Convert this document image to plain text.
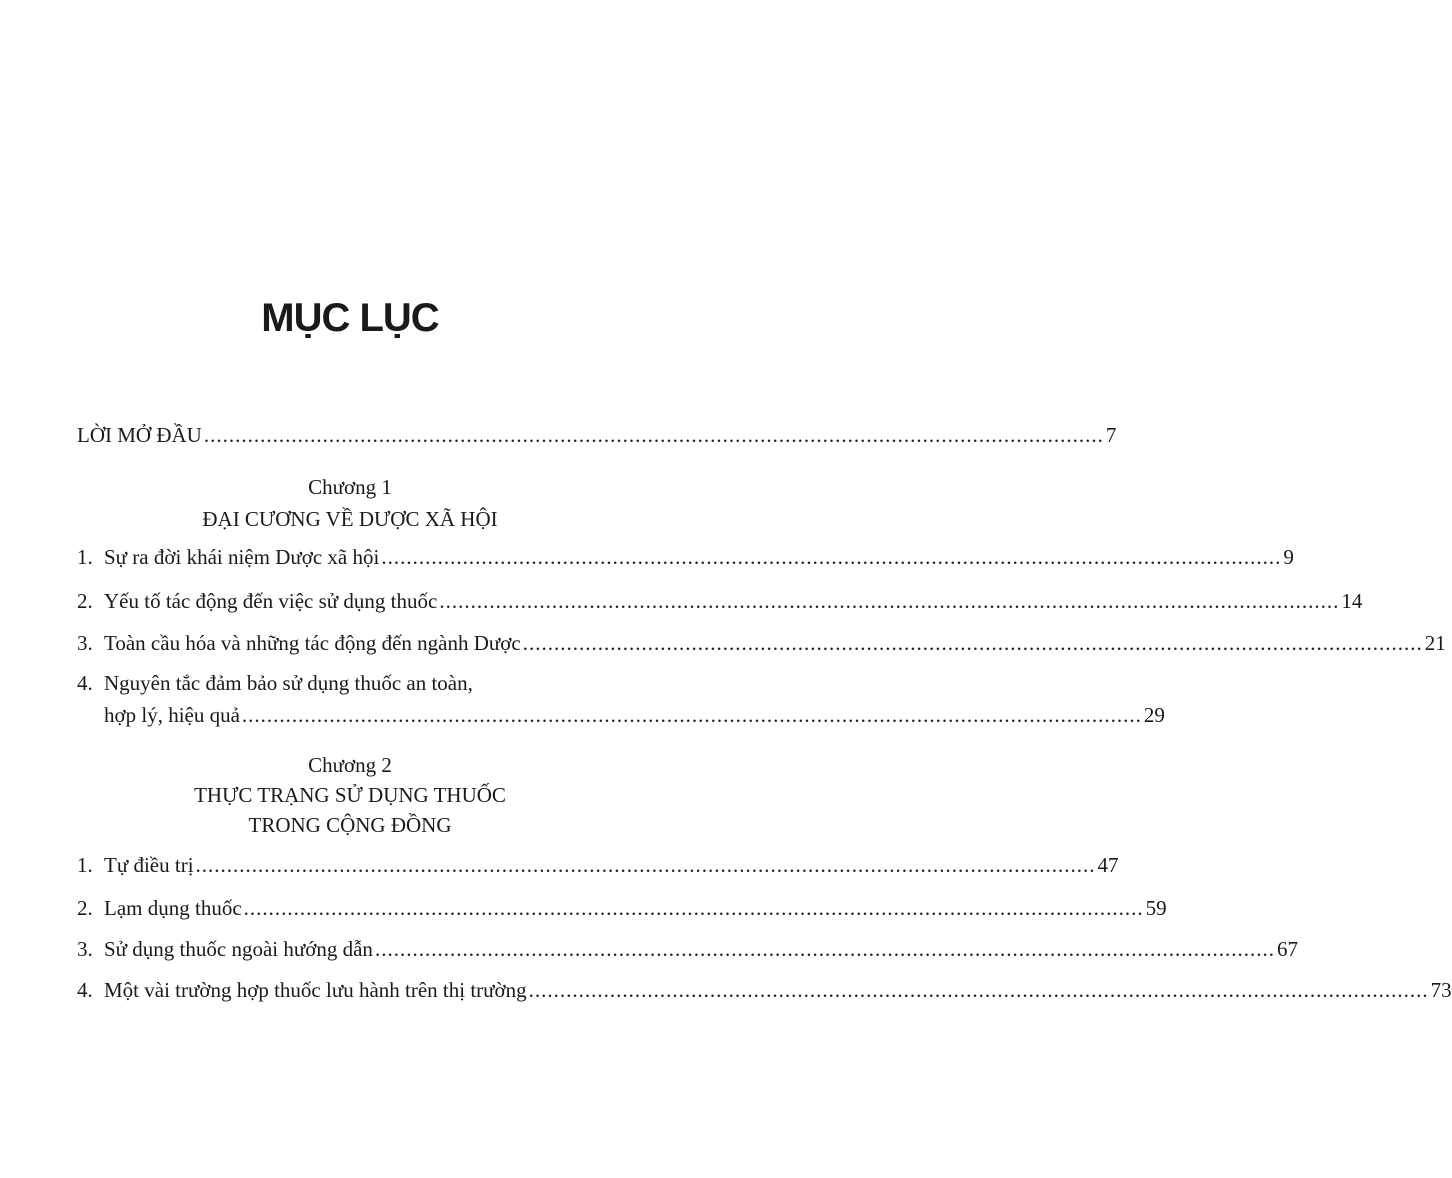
MỤC LỤC
LỜI MỞ ĐẦU ................................................................................................................................................ 7
Chương 1
ĐẠI CƯƠNG VỀ DƯỢC XÃ HỘI
1. Sự ra đời khái niệm Dược xã hội ................................................................................................................................................ 9
2. Yếu tố tác động đến việc sử dụng thuốc ................................................................................................................................................ 14
3. Toàn cầu hóa và những tác động đến ngành Dược ................................................................................................................................................ 21
4. Nguyên tắc đảm bảo sử dụng thuốc an toàn,
hợp lý, hiệu quả ................................................................................................................................................ 29
Chương 2
THỰC TRẠNG SỬ DỤNG THUỐC
TRONG CỘNG ĐỒNG
1. Tự điều trị ................................................................................................................................................ 47
2. Lạm dụng thuốc ................................................................................................................................................ 59
3. Sử dụng thuốc ngoài hướng dẫn ................................................................................................................................................ 67
4. Một vài trường hợp thuốc lưu hành trên thị trường ................................................................................................................................................ 73
